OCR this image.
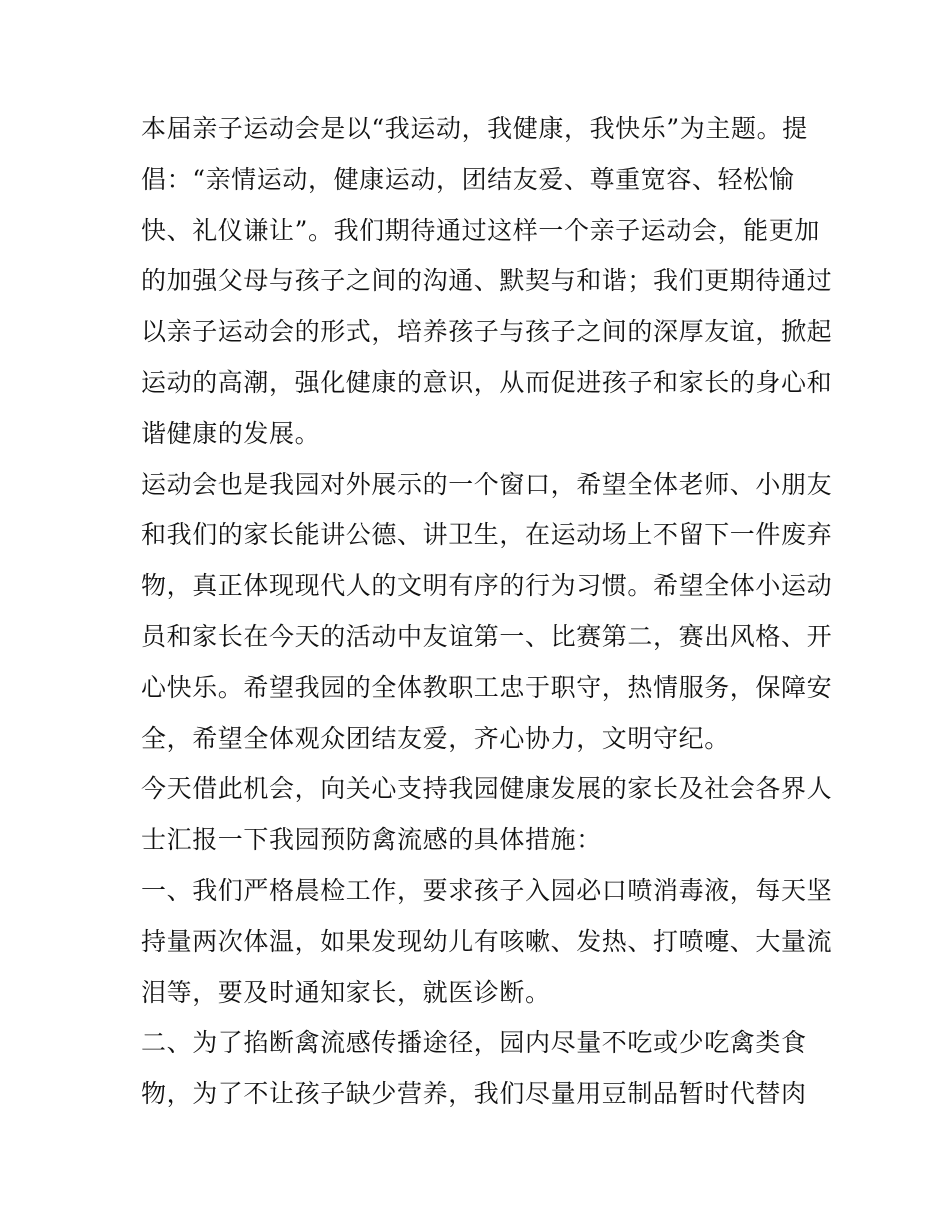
本届亲子运动会是以“我运动，我健康，我快乐”为主题。提
倡：“亲情运动，健康运动，团结友爱、尊重宽容、轻松愉
快、礼仪谦让”。我们期待通过这样一个亲子运动会，能更加
的加强父母与孩子之间的沟通、默契与和谐；我们更期待通过
以亲子运动会的形式，培养孩子与孩子之间的深厚友谊，掀起
运动的高潮，强化健康的意识，从而促进孩子和家长的身心和
谐健康的发展。
运动会也是我园对外展示的一个窗口，希望全体老师、小朋友
和我们的家长能讲公德、讲卫生，在运动场上不留下一件废弃
物，真正体现现代人的文明有序的行为习惯。希望全体小运动
员和家长在今天的活动中友谊第一、比赛第二，赛出风格、开
心快乐。希望我园的全体教职工忠于职守，热情服务，保障安
全，希望全体观众团结友爱，齐心协力，文明守纪。
今天借此机会，向关心支持我园健康发展的家长及社会各界人
士汇报一下我园预防禽流感的具体措施：
一、我们严格晨检工作，要求孩子入园必口喷消毒液，每天坚
持量两次体温，如果发现幼儿有咳嗽、发热、打喷嚏、大量流
泪等，要及时通知家长，就医诊断。
二、为了掐断禽流感传播途径，园内尽量不吃或少吃禽类食
物，为了不让孩子缺少营养，我们尽量用豆制品暂时代替肉
